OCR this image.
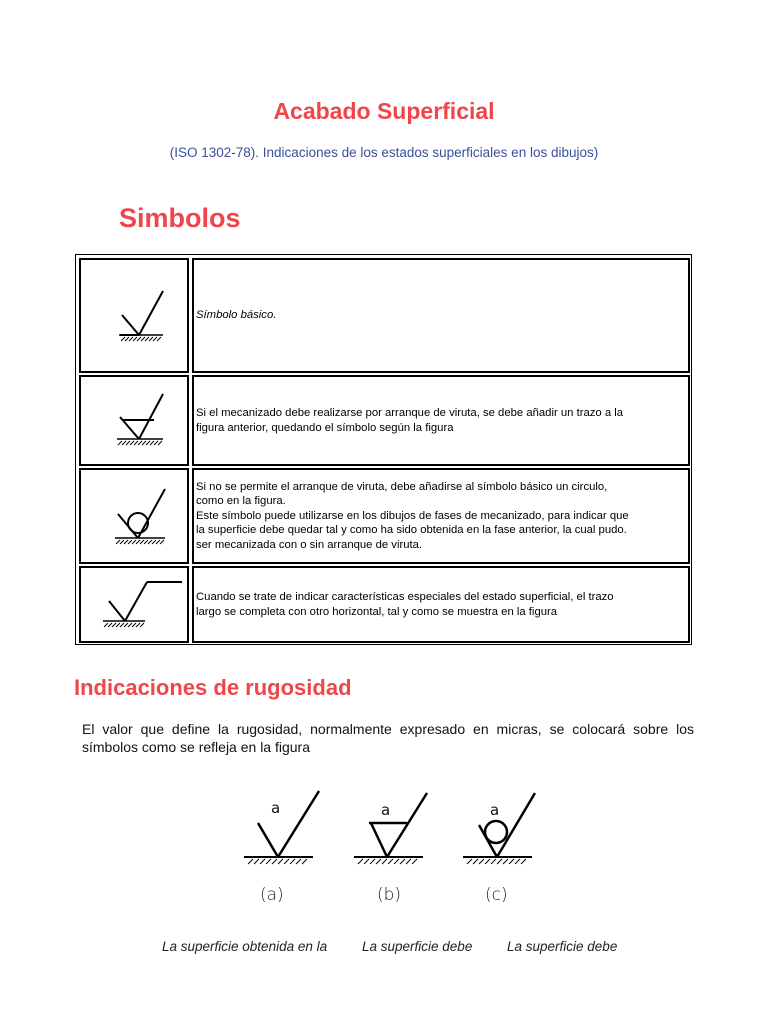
Acabado Superficial
(ISO 1302-78). Indicaciones de los estados superficiales en los dibujos)
Simbolos
Símbolo básico.
Si el mecanizado debe realizarse por arranque de viruta, se debe añadir un trazo a la
figura anterior, quedando el símbolo según la figura
Si no se permite el arranque de viruta, debe añadirse al símbolo básico un circulo,
como en la figura.
Este símbolo puede utilizarse en los dibujos de fases de mecanizado, para indicar que
la superficie debe quedar tal y como ha sido obtenida en la fase anterior, la cual pudo.
ser mecanizada con o sin arranque de viruta.
Cuando se trate de indicar características especiales del estado superficial, el trazo
largo se completa con otro horizontal, tal y como se muestra en la figura
Indicaciones de rugosidad
El valor que define la rugosidad, normalmente expresado en micras, se colocará sobre los símbolos como se refleja en la figura
a	a	a
(a)	(b)	(c)
La superficie obtenida en la	La superficie debe	La superficie debe
